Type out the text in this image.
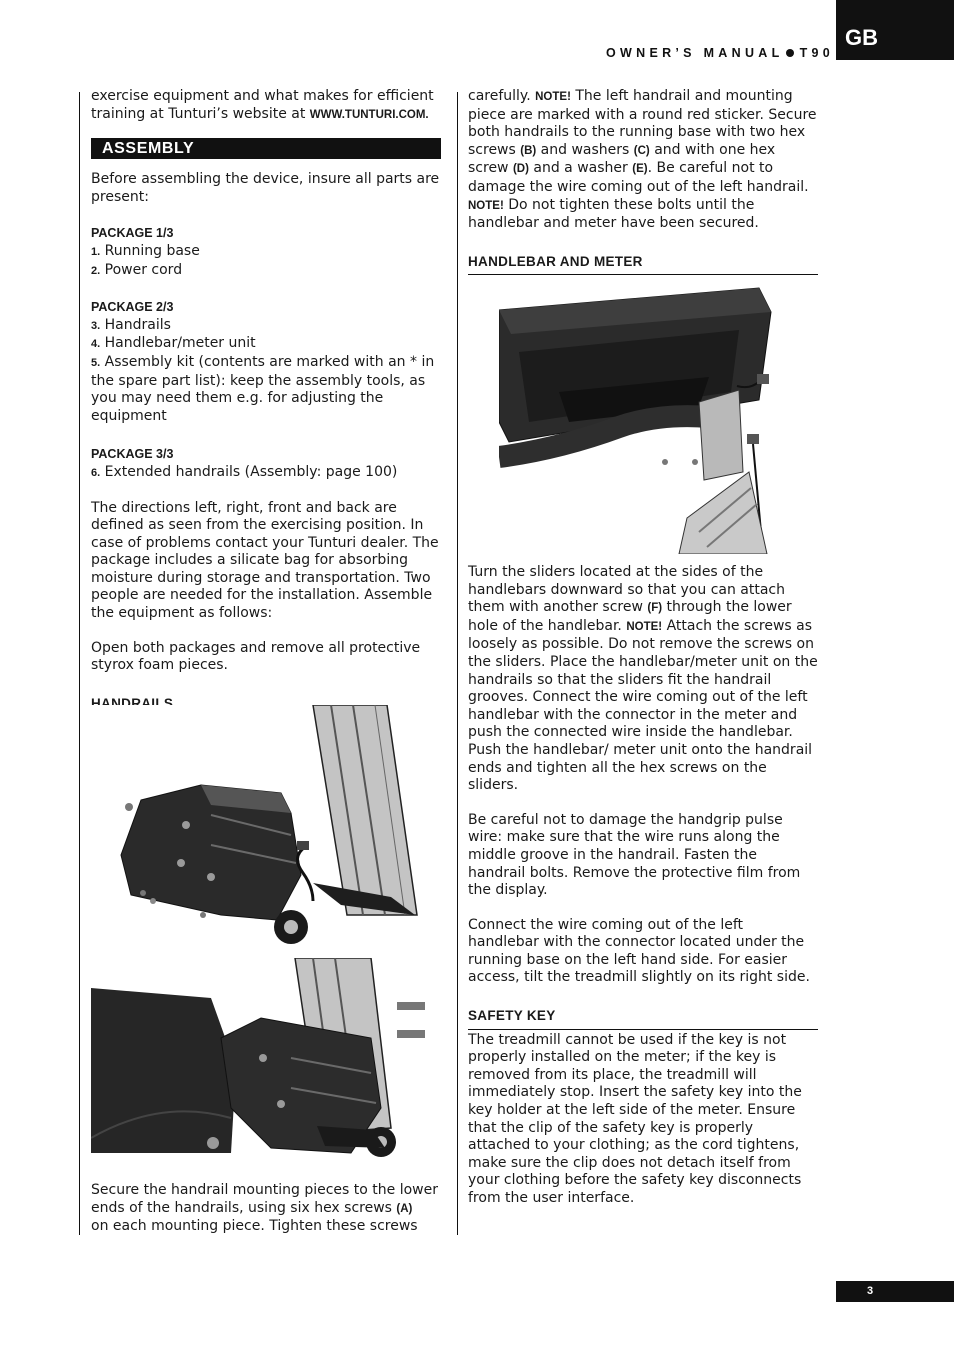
OWNER’S MANUAL T90
GB

exercise equipment and what makes for efficient training at Tunturi’s website at WWW.TUNTURI.COM.

ASSEMBLY

Before assembling the device, insure all parts are present:

PACKAGE 1/3

1. Running base

2. Power cord

PACKAGE 2/3

3. Handrails

4. Handlebar/meter unit

5. Assembly kit (contents are marked with an * in the spare part list): keep the assembly tools, as you may need them e.g. for adjusting the equipment

PACKAGE 3/3

6. Extended handrails (Assembly: page 100)

The directions left, right, front and back are defined as seen from the exercising position. In case of problems contact your Tunturi dealer. The package includes a silicate bag for absorbing moisture during storage and transportation. Two people are needed for the installation. Assemble the equipment as follows:

Open both packages and remove all protective styrox foam pieces.

HANDRAILS

Secure the handrail mounting pieces to the lower ends of the handrails, using six hex screws (A)
on each mounting piece. Tighten these screws

carefully. NOTE! The left handrail and mounting piece are marked with a round red sticker. Secure both handrails to the running base with two hex screws (B) and washers (C) and with one hex screw (D) and a washer (E). Be careful not to damage the wire coming out of the left handrail. NOTE! Do not tighten these bolts until the handlebar and meter have been secured.

HANDLEBAR AND METER

Turn the sliders located at the sides of the handlebars downward so that you can attach them with another screw (F) through the lower hole of the handlebar. NOTE! Attach the screws as loosely as possible. Do not remove the screws on the sliders. Place the handlebar/meter unit on the handrails so that the sliders fit the handrail grooves. Connect the wire coming out of the left handlebar with the connector in the meter and push the connected wire inside the handlebar. Push the handlebar/ meter unit onto the handrail ends and tighten all the hex screws on the sliders.

Be careful not to damage the handgrip pulse wire: make sure that the wire runs along the middle groove in the handrail. Fasten the handrail bolts. Remove the protective film from the display.

Connect the wire coming out of the left handlebar with the connector located under the running base on the left hand side. For easier access, tilt the treadmill slightly on its right side.

SAFETY KEY

The treadmill cannot be used if the key is not properly installed on the meter; if the key is removed from its place, the treadmill will immediately stop. Insert the safety key into the key holder at the left side of the meter. Ensure that the clip of the safety key is properly attached to your clothing; as the cord tightens, make sure the clip does not detach itself from your clothing before the safety key disconnects from the user interface.

3
